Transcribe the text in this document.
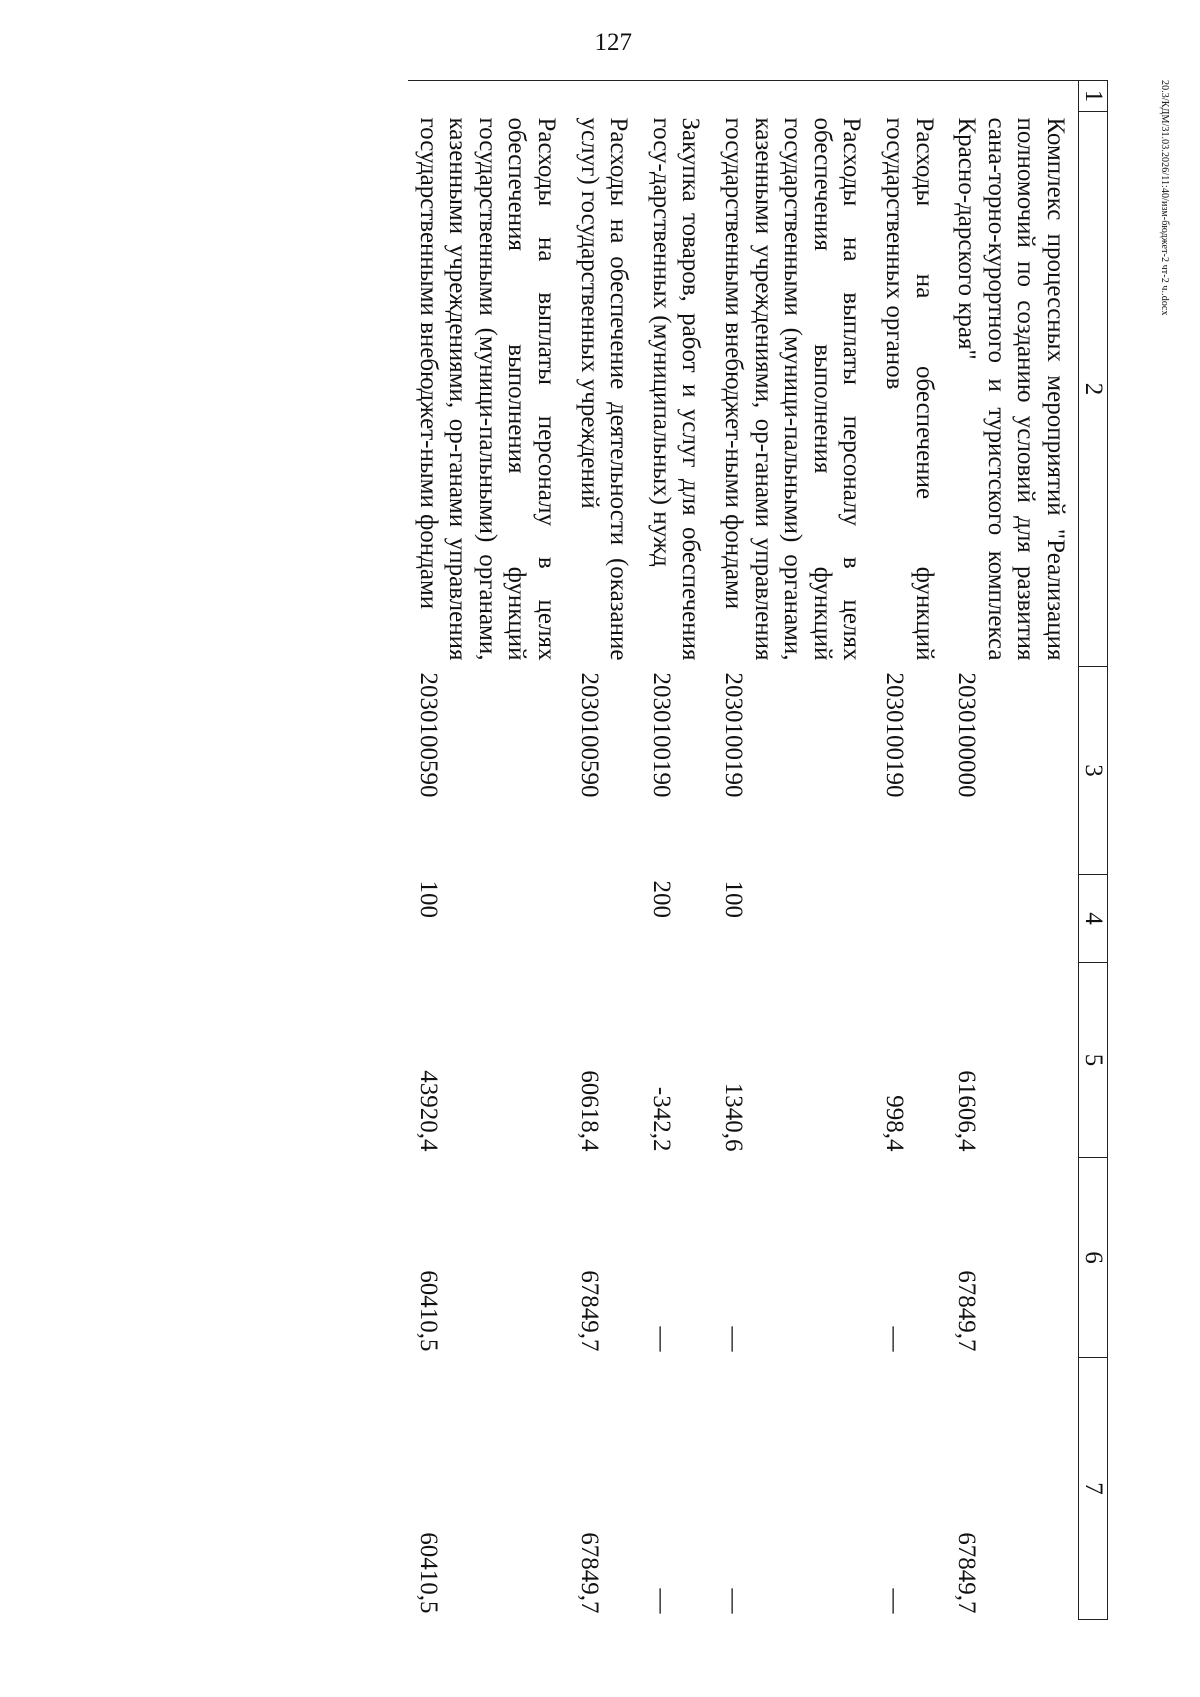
127
20.3/КДМ/31.03.2026/11:40/изм-бюджет-2 чт-2 ч..docx
1	2	3	4	5	6	7
	Комплекс процессных мероприятий "Реализация полномочий по созданию условий для развития сана-торно-курортного и туристского комплекса Красно-дарского края"	2030100000		61606,4	67849,7	67849,7
	Расходы на обеспечение функций государственных органов	2030100190		998,4	—	—
	Расходы на выплаты персоналу в целях обеспечения выполнения функций государственными (муници-пальными) органами, казенными учреждениями, ор-ганами управления государственными внебюджет-ными фондами	2030100190	100	1340,6	—	—
	Закупка товаров, работ и услуг для обеспечения госу-дарственных (муниципальных) нужд	2030100190	200	-342,2	—	—
	Расходы на обеспечение деятельности (оказание услуг) государственных учреждений	2030100590		60618,4	67849,7	67849,7
	Расходы на выплаты персоналу в целях обеспечения выполнения функций государственными (муници-пальными) органами, казенными учреждениями, ор-ганами управления государственными внебюджет-ными фондами	2030100590	100	43920,4	60410,5	60410,5
